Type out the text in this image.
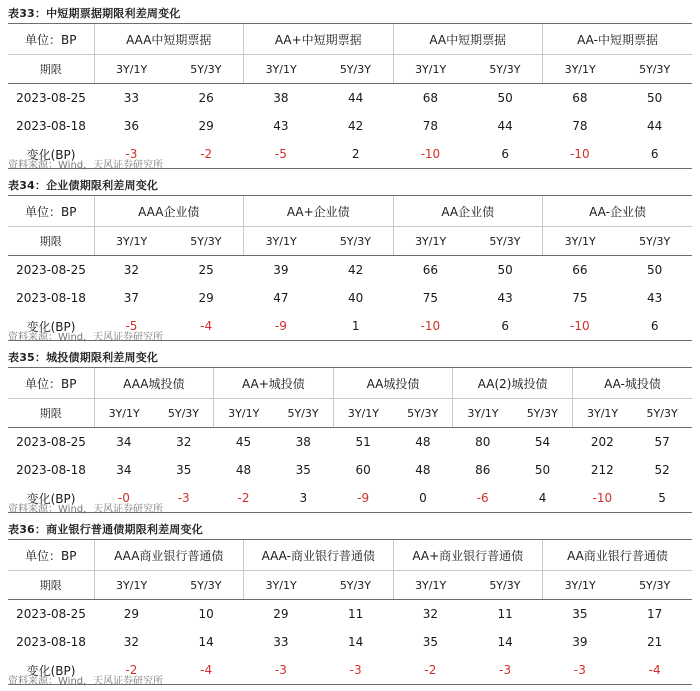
表33：中短期票据期限利差周变化
单位：BP	AAA中短期票据		AA+中短期票据		AA中短期票据		AA-中短期票据	
期限	3Y/1Y	5Y/3Y	3Y/1Y	5Y/3Y	3Y/1Y	5Y/3Y	3Y/1Y	5Y/3Y
2023-08-25	33	26	38	44	68	50	68	50
2023-08-18	36	29	43	42	78	44	78	44
变化(BP)	-3	-2	-5	2	-10	6	-10	6
资料来源：Wind，天风证券研究所
表34：企业债期限利差周变化
单位：BP	AAA企业债		AA+企业债		AA企业债		AA-企业债	
期限	3Y/1Y	5Y/3Y	3Y/1Y	5Y/3Y	3Y/1Y	5Y/3Y	3Y/1Y	5Y/3Y
2023-08-25	32	25	39	42	66	50	66	50
2023-08-18	37	29	47	40	75	43	75	43
变化(BP)	-5	-4	-9	1	-10	6	-10	6
资料来源：Wind，天风证券研究所
表35：城投债期限利差周变化
单位：BP	AAA城投债		AA+城投债		AA城投债		AA(2)城投债		AA-城投债	
期限	3Y/1Y	5Y/3Y	3Y/1Y	5Y/3Y	3Y/1Y	5Y/3Y	3Y/1Y	5Y/3Y	3Y/1Y	5Y/3Y
2023-08-25	34	32	45	38	51	48	80	54	202	57
2023-08-18	34	35	48	35	60	48	86	50	212	52
变化(BP)	-0	-3	-2	3	-9	0	-6	4	-10	5
资料来源：Wind，天风证券研究所
表36：商业银行普通债期限利差周变化
单位：BP	AAA商业银行普通债		AAA-商业银行普通债		AA+商业银行普通债		AA商业银行普通债	
期限	3Y/1Y	5Y/3Y	3Y/1Y	5Y/3Y	3Y/1Y	5Y/3Y	3Y/1Y	5Y/3Y
2023-08-25	29	10	29	11	32	11	35	17
2023-08-18	32	14	33	14	35	14	39	21
变化(BP)	-2	-4	-3	-3	-2	-3	-3	-4
资料来源：Wind，天风证券研究所
